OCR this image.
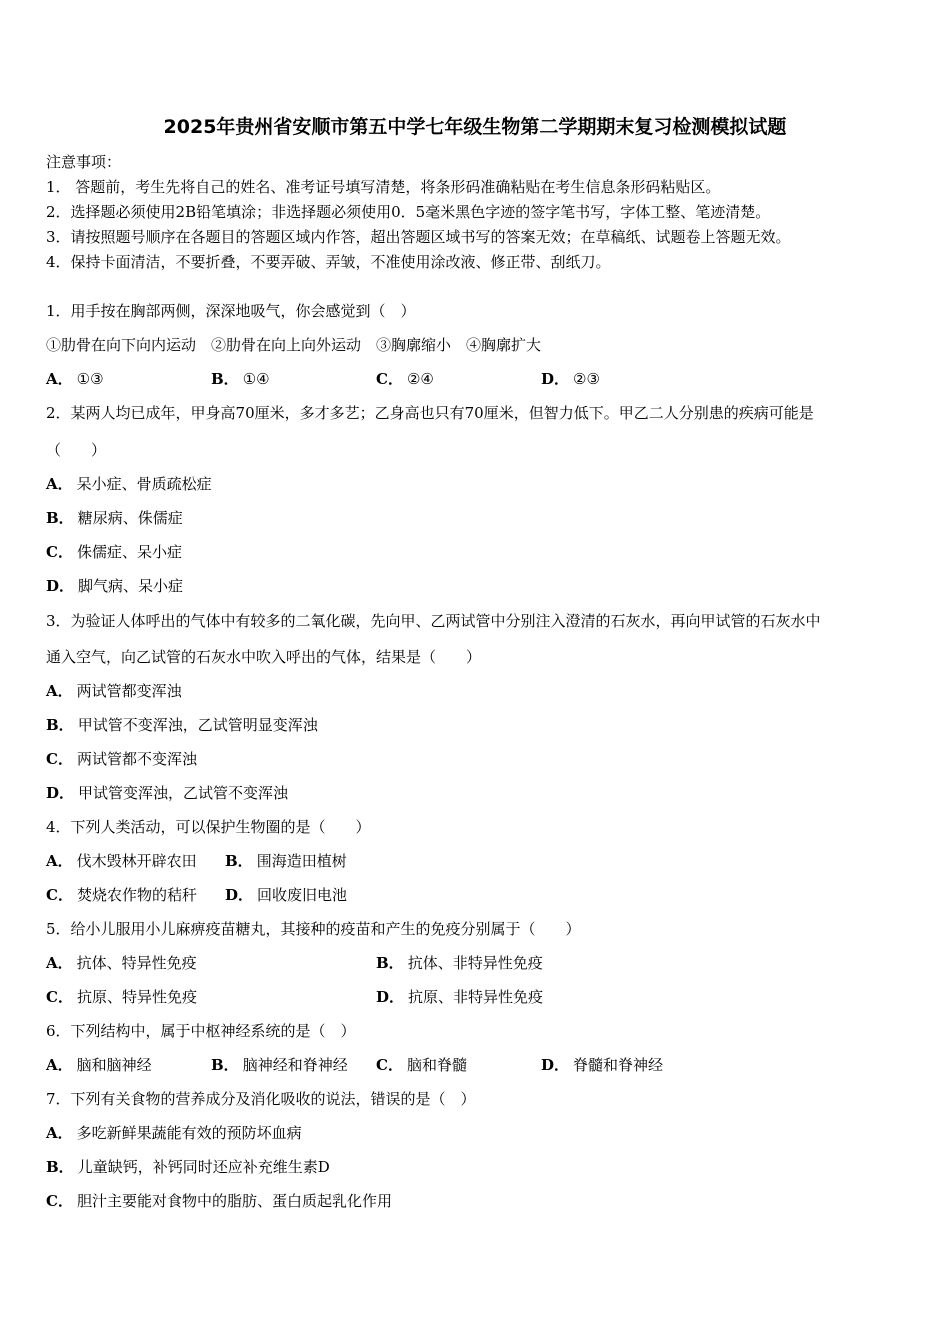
2025年贵州省安顺市第五中学七年级生物第二学期期末复习检测模拟试题
注意事项：
1． 答题前，考生先将自己的姓名、准考证号填写清楚，将条形码准确粘贴在考生信息条形码粘贴区。
2．选择题必须使用2B铅笔填涂；非选择题必须使用0．5毫米黑色字迹的签字笔书写，字体工整、笔迹清楚。
3．请按照题号顺序在各题目的答题区域内作答，超出答题区域书写的答案无效；在草稿纸、试题卷上答题无效。
4．保持卡面清洁，不要折叠，不要弄破、弄皱，不准使用涂改液、修正带、刮纸刀。
1．用手按在胸部两侧，深深地吸气，你会感觉到（　）
①肋骨在向下向内运动　②肋骨在向上向外运动　③胸廓缩小　④胸廓扩大
A． ①③	B． ①④	C． ②④	D． ②③
2．某两人均已成年，甲身高70厘米，多才多艺；乙身高也只有70厘米，但智力低下。甲乙二人分别患的疾病可能是
（　　）
A． 呆小症、骨质疏松症
B． 糖尿病、侏儒症
C． 侏儒症、呆小症
D． 脚气病、呆小症
3．为验证人体呼出的气体中有较多的二氧化碳，先向甲、乙两试管中分别注入澄清的石灰水，再向甲试管的石灰水中
通入空气，向乙试管的石灰水中吹入呼出的气体，结果是（　　）
A． 两试管都变浑浊
B． 甲试管不变浑浊，乙试管明显变浑浊
C． 两试管都不变浑浊
D． 甲试管变浑浊，乙试管不变浑浊
4．下列人类活动，可以保护生物圈的是（　　）
A． 伐木毁林开辟农田 B． 围海造田植树
C． 焚烧农作物的秸秆 D． 回收废旧电池
5．给小儿服用小儿麻痹疫苗糖丸，其接种的疫苗和产生的免疫分别属于（　　）
A． 抗体、特异性免疫	B． 抗体、非特异性免疫
C． 抗原、特异性免疫	D． 抗原、非特异性免疫
6．下列结构中，属于中枢神经系统的是（　）
A． 脑和脑神经	B． 脑神经和脊神经 C． 脑和脊髓	D． 脊髓和脊神经
7．下列有关食物的营养成分及消化吸收的说法，错误的是（　）
A． 多吃新鲜果蔬能有效的预防坏血病
B． 儿童缺钙，补钙同时还应补充维生素D
C． 胆汁主要能对食物中的脂肪、蛋白质起乳化作用
